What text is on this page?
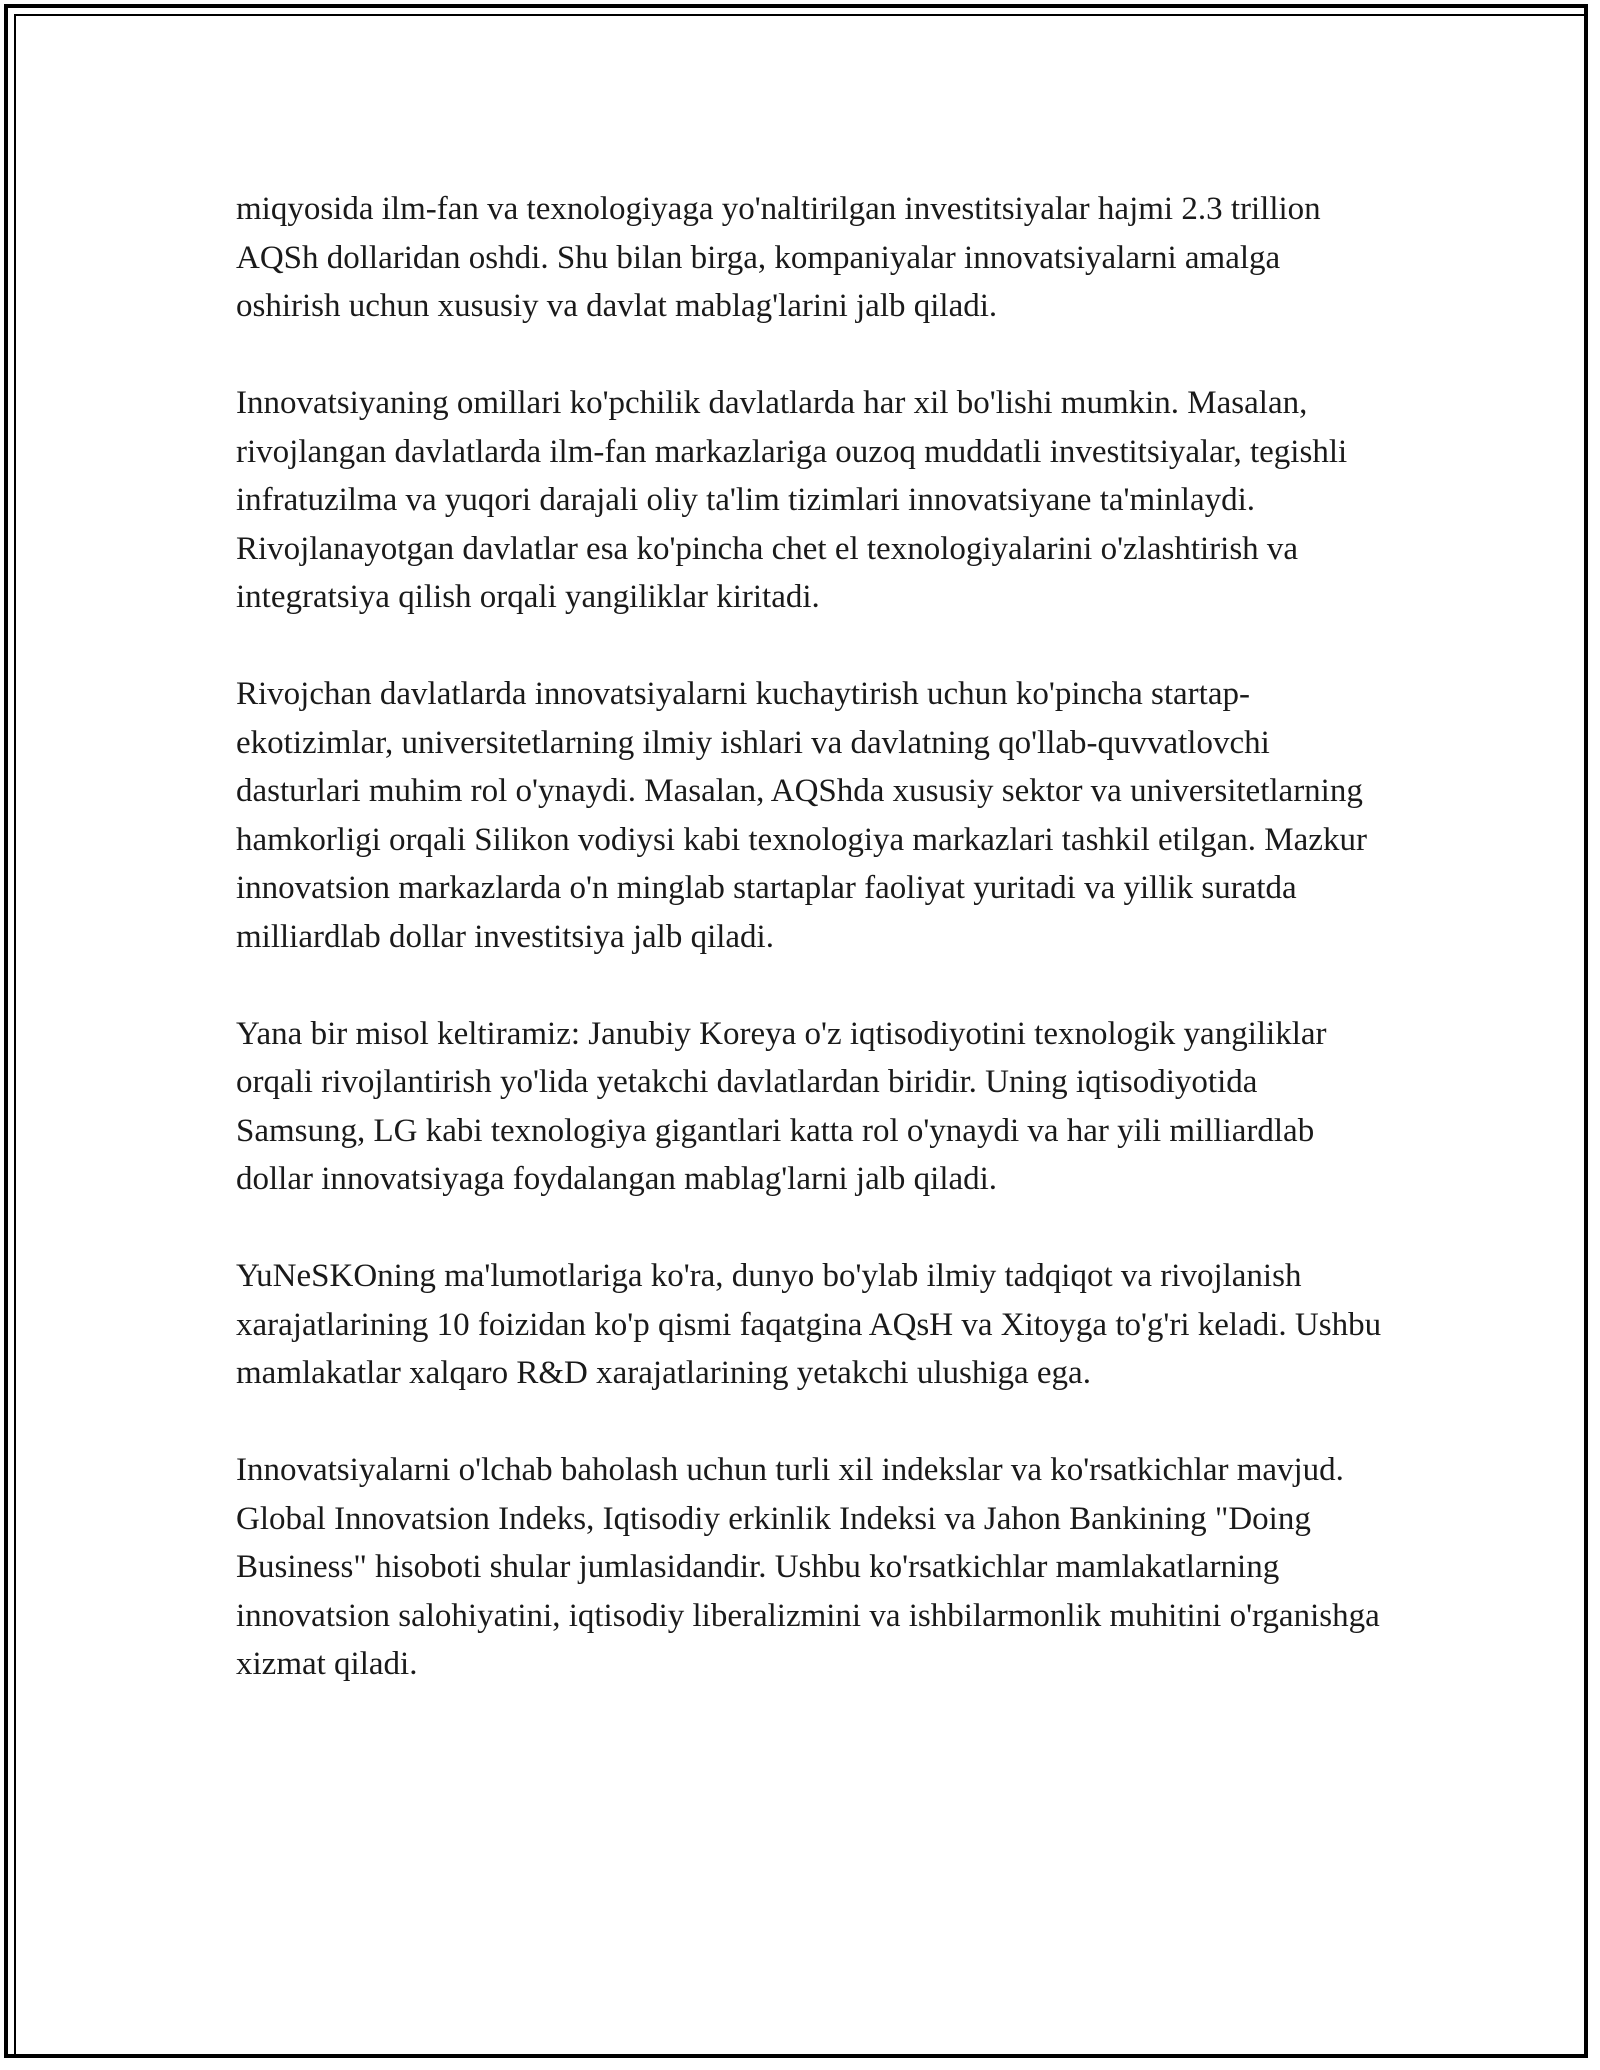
miqyosida ilm-fan va texnologiyaga yo'naltirilgan investitsiyalar hajmi 2.3 trillion AQSh dollaridan oshdi. Shu bilan birga, kompaniyalar innovatsiyalarni amalga oshirish uchun xususiy va davlat mablag'larini jalb qiladi.

Innovatsiyaning omillari ko'pchilik davlatlarda har xil bo'lishi mumkin. Masalan, rivojlangan davlatlarda ilm-fan markazlariga ouzoq muddatli investitsiyalar, tegishli infratuzilma va yuqori darajali oliy ta'lim tizimlari innovatsiyane ta'minlaydi. Rivojlanayotgan davlatlar esa ko'pincha chet el texnologiyalarini o'zlashtirish va integratsiya qilish orqali yangiliklar kiritadi.

Rivojchan davlatlarda innovatsiyalarni kuchaytirish uchun ko'pincha startap-ekotizimlar, universitetlarning ilmiy ishlari va davlatning qo'llab-quvvatlovchi dasturlari muhim rol o'ynaydi. Masalan, AQShda xususiy sektor va universitetlarning hamkorligi orqali Silikon vodiysi kabi texnologiya markazlari tashkil etilgan. Mazkur innovatsion markazlarda o'n minglab startaplar faoliyat yuritadi va yillik suratda milliardlab dollar investitsiya jalb qiladi.

Yana bir misol keltiramiz: Janubiy Koreya o'z iqtisodiyotini texnologik yangiliklar orqali rivojlantirish yo'lida yetakchi davlatlardan biridir. Uning iqtisodiyotida Samsung, LG kabi texnologiya gigantlari katta rol o'ynaydi va har yili milliardlab dollar innovatsiyaga foydalangan mablag'larni jalb qiladi.

YuNeSKOning ma'lumotlariga ko'ra, dunyo bo'ylab ilmiy tadqiqot va rivojlanish xarajatlarining 10 foizidan ko'p qismi faqatgina AQsH va Xitoyga to'g'ri keladi. Ushbu mamlakatlar xalqaro R&D xarajatlarining yetakchi ulushiga ega.

Innovatsiyalarni o'lchab baholash uchun turli xil indekslar va ko'rsatkichlar mavjud. Global Innovatsion Indeks, Iqtisodiy erkinlik Indeksi va Jahon Bankining "Doing Business" hisoboti shular jumlasidandir. Ushbu ko'rsatkichlar mamlakatlarning innovatsion salohiyatini, iqtisodiy liberalizmini va ishbilarmonlik muhitini o'rganishga xizmat qiladi.
